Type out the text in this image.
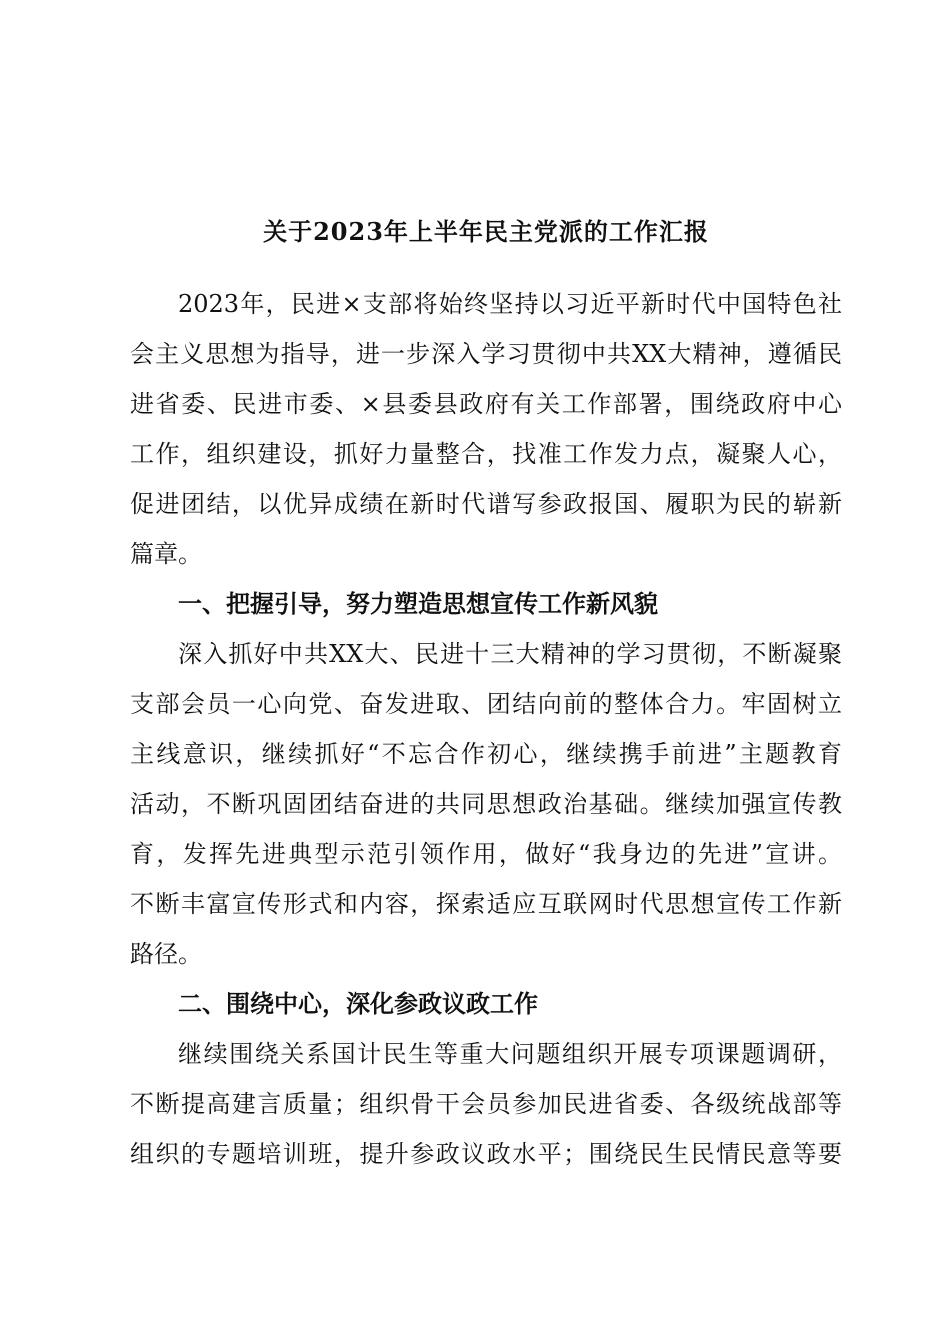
关于2023年上半年民主党派的工作汇报
2023年，民进×支部将始终坚持以习近平新时代中国特色社
会主义思想为指导，进一步深入学习贯彻中共XX大精神，遵循民
进省委、民进市委、×县委县政府有关工作部署，围绕政府中心
工作，组织建设，抓好力量整合，找准工作发力点，凝聚人心，
促进团结，以优异成绩在新时代谱写参政报国、履职为民的崭新
篇章。
一、把握引导，努力塑造思想宣传工作新风貌
深入抓好中共XX大、民进十三大精神的学习贯彻，不断凝聚
支部会员一心向党、奋发进取、团结向前的整体合力。牢固树立
主线意识，继续抓好“不忘合作初心，继续携手前进”主题教育
活动，不断巩固团结奋进的共同思想政治基础。继续加强宣传教
育，发挥先进典型示范引领作用，做好“我身边的先进”宣讲。
不断丰富宣传形式和内容，探索适应互联网时代思想宣传工作新
路径。
二、围绕中心，深化参政议政工作
继续围绕关系国计民生等重大问题组织开展专项课题调研，
不断提高建言质量；组织骨干会员参加民进省委、各级统战部等
组织的专题培训班，提升参政议政水平；围绕民生民情民意等要
